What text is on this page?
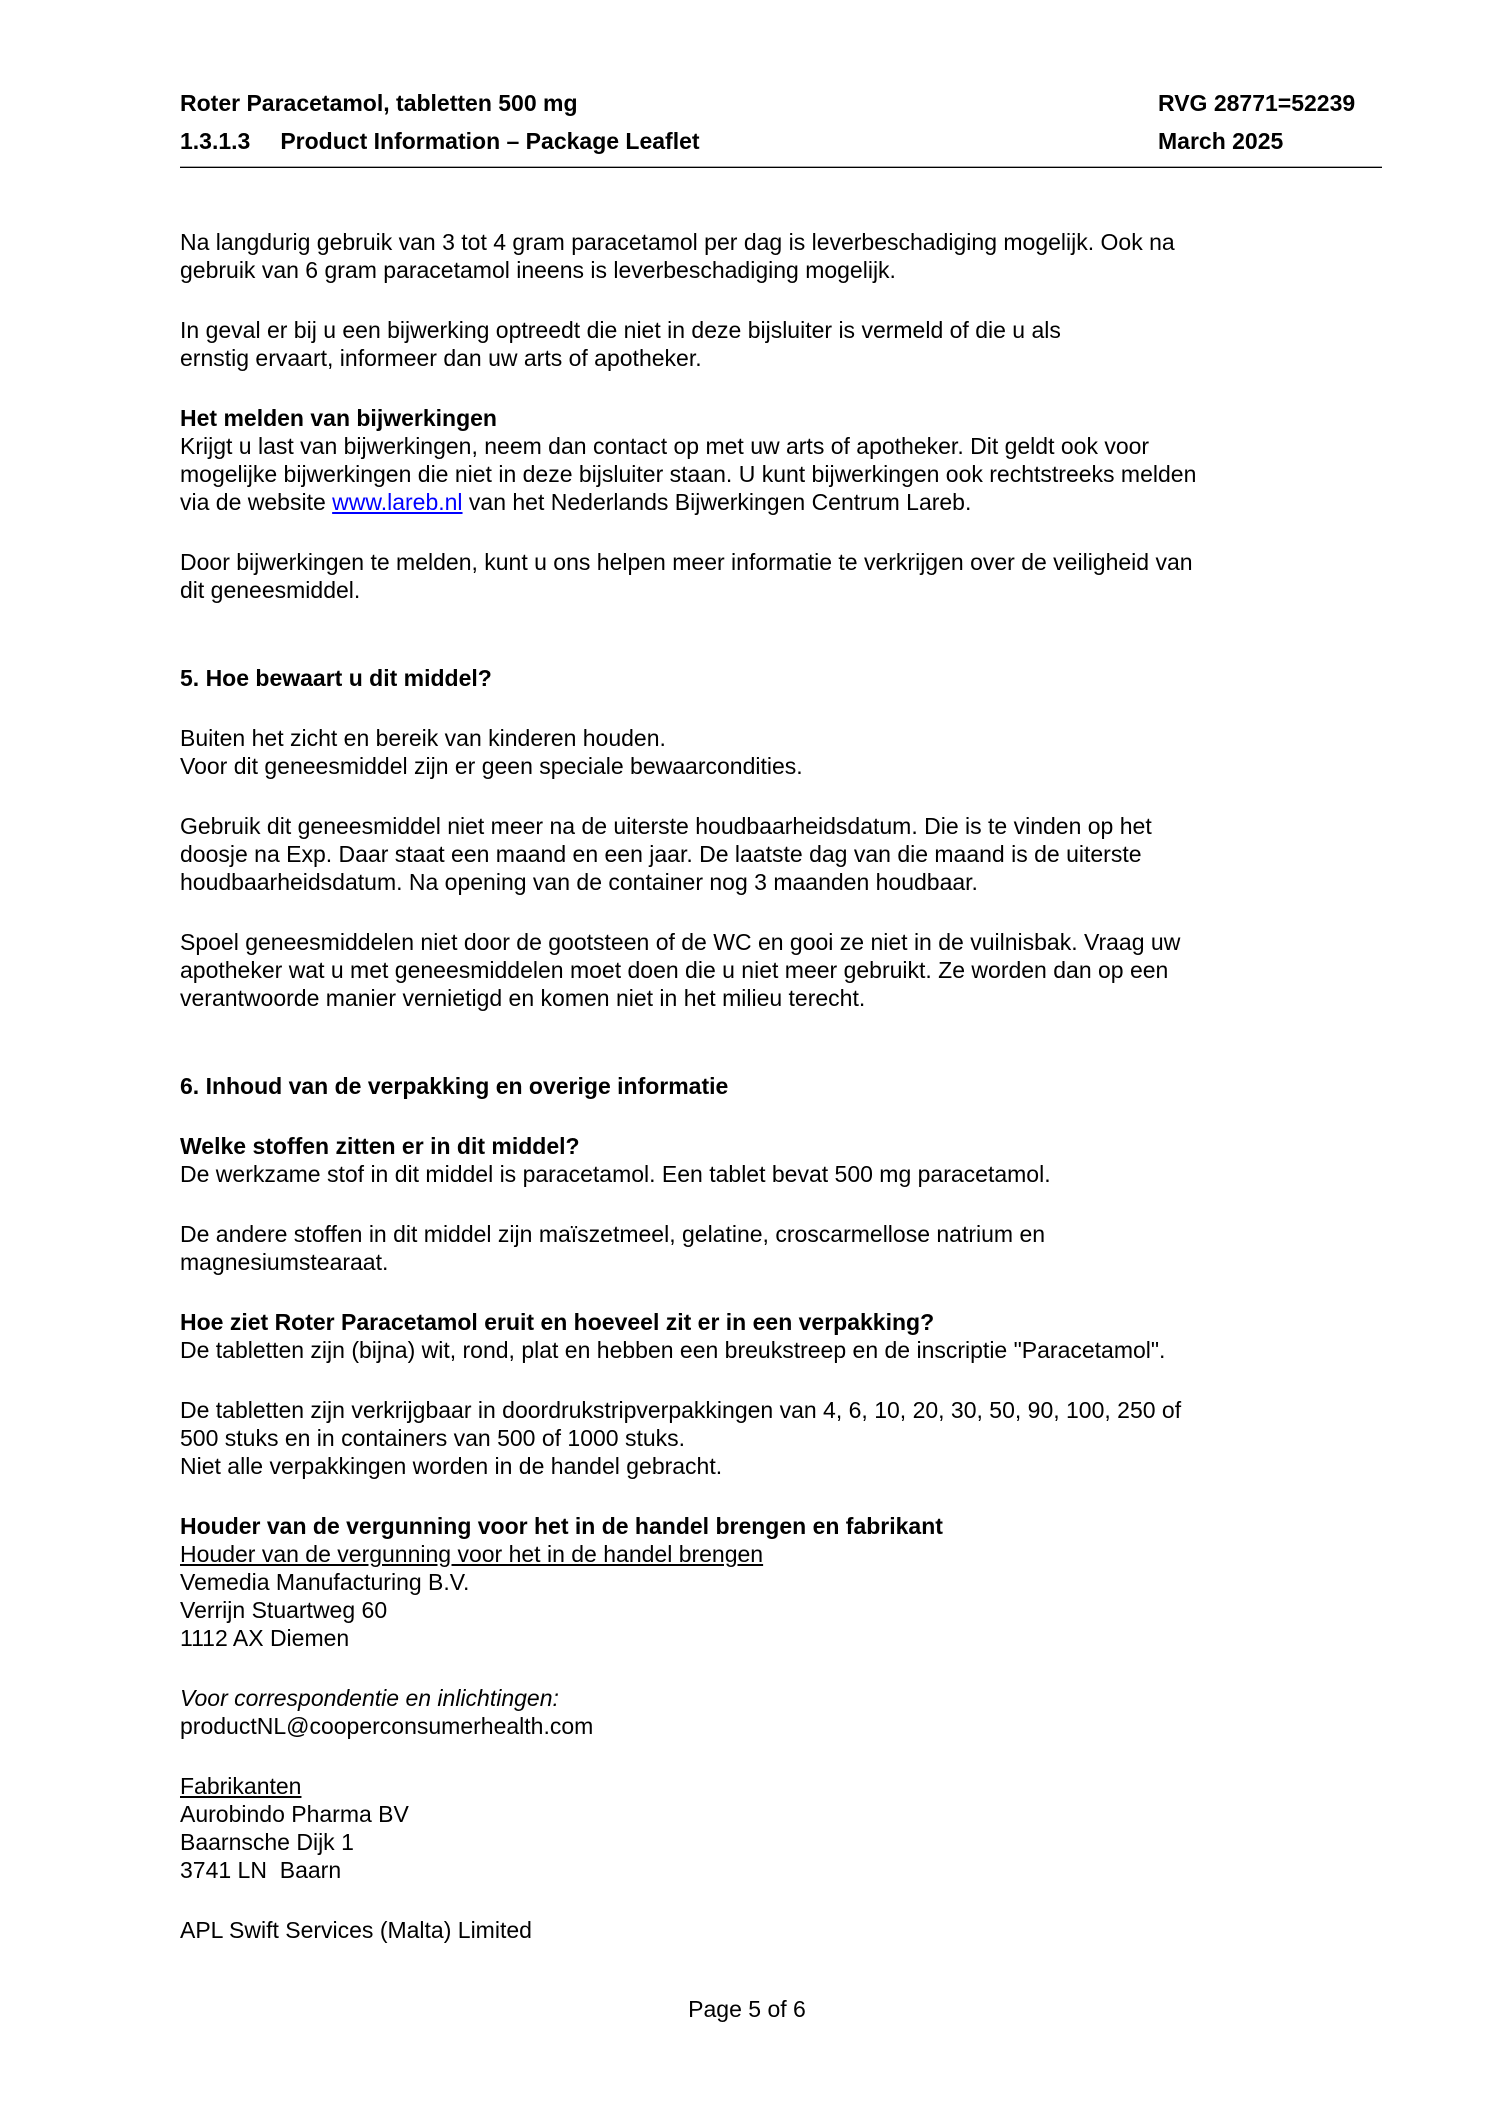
Roter Paracetamol, tabletten 500 mg
1.3.1.3 Product Information – Package Leaflet
RVG 28771=52239
March 2025
Na langdurig gebruik van 3 tot 4 gram paracetamol per dag is leverbeschadiging mogelijk. Ook na
gebruik van 6 gram paracetamol ineens is leverbeschadiging mogelijk.
In geval er bij u een bijwerking optreedt die niet in deze bijsluiter is vermeld of die u als
ernstig ervaart, informeer dan uw arts of apotheker.
Het melden van bijwerkingen
Krijgt u last van bijwerkingen, neem dan contact op met uw arts of apotheker. Dit geldt ook voor
mogelijke bijwerkingen die niet in deze bijsluiter staan. U kunt bijwerkingen ook rechtstreeks melden
via de website www.lareb.nl van het Nederlands Bijwerkingen Centrum Lareb.
Door bijwerkingen te melden, kunt u ons helpen meer informatie te verkrijgen over de veiligheid van
dit geneesmiddel.
5. Hoe bewaart u dit middel?
Buiten het zicht en bereik van kinderen houden.
Voor dit geneesmiddel zijn er geen speciale bewaarcondities.
Gebruik dit geneesmiddel niet meer na de uiterste houdbaarheidsdatum. Die is te vinden op het
doosje na Exp. Daar staat een maand en een jaar. De laatste dag van die maand is de uiterste
houdbaarheidsdatum. Na opening van de container nog 3 maanden houdbaar.
Spoel geneesmiddelen niet door de gootsteen of de WC en gooi ze niet in de vuilnisbak. Vraag uw
apotheker wat u met geneesmiddelen moet doen die u niet meer gebruikt. Ze worden dan op een
verantwoorde manier vernietigd en komen niet in het milieu terecht.
6. Inhoud van de verpakking en overige informatie
Welke stoffen zitten er in dit middel?
De werkzame stof in dit middel is paracetamol. Een tablet bevat 500 mg paracetamol.
De andere stoffen in dit middel zijn maïszetmeel, gelatine, croscarmellose natrium en
magnesiumstearaat.
Hoe ziet Roter Paracetamol eruit en hoeveel zit er in een verpakking?
De tabletten zijn (bijna) wit, rond, plat en hebben een breukstreep en de inscriptie "Paracetamol".
De tabletten zijn verkrijgbaar in doordrukstripverpakkingen van 4, 6, 10, 20, 30, 50, 90, 100, 250 of
500 stuks en in containers van 500 of 1000 stuks.
Niet alle verpakkingen worden in de handel gebracht.
Houder van de vergunning voor het in de handel brengen en fabrikant
Houder van de vergunning voor het in de handel brengen
Vemedia Manufacturing B.V.
Verrijn Stuartweg 60
1112 AX Diemen
Voor correspondentie en inlichtingen:
productNL@cooperconsumerhealth.com
Fabrikanten
Aurobindo Pharma BV
Baarnsche Dijk 1
3741 LN  Baarn
APL Swift Services (Malta) Limited
Page 5 of 6
